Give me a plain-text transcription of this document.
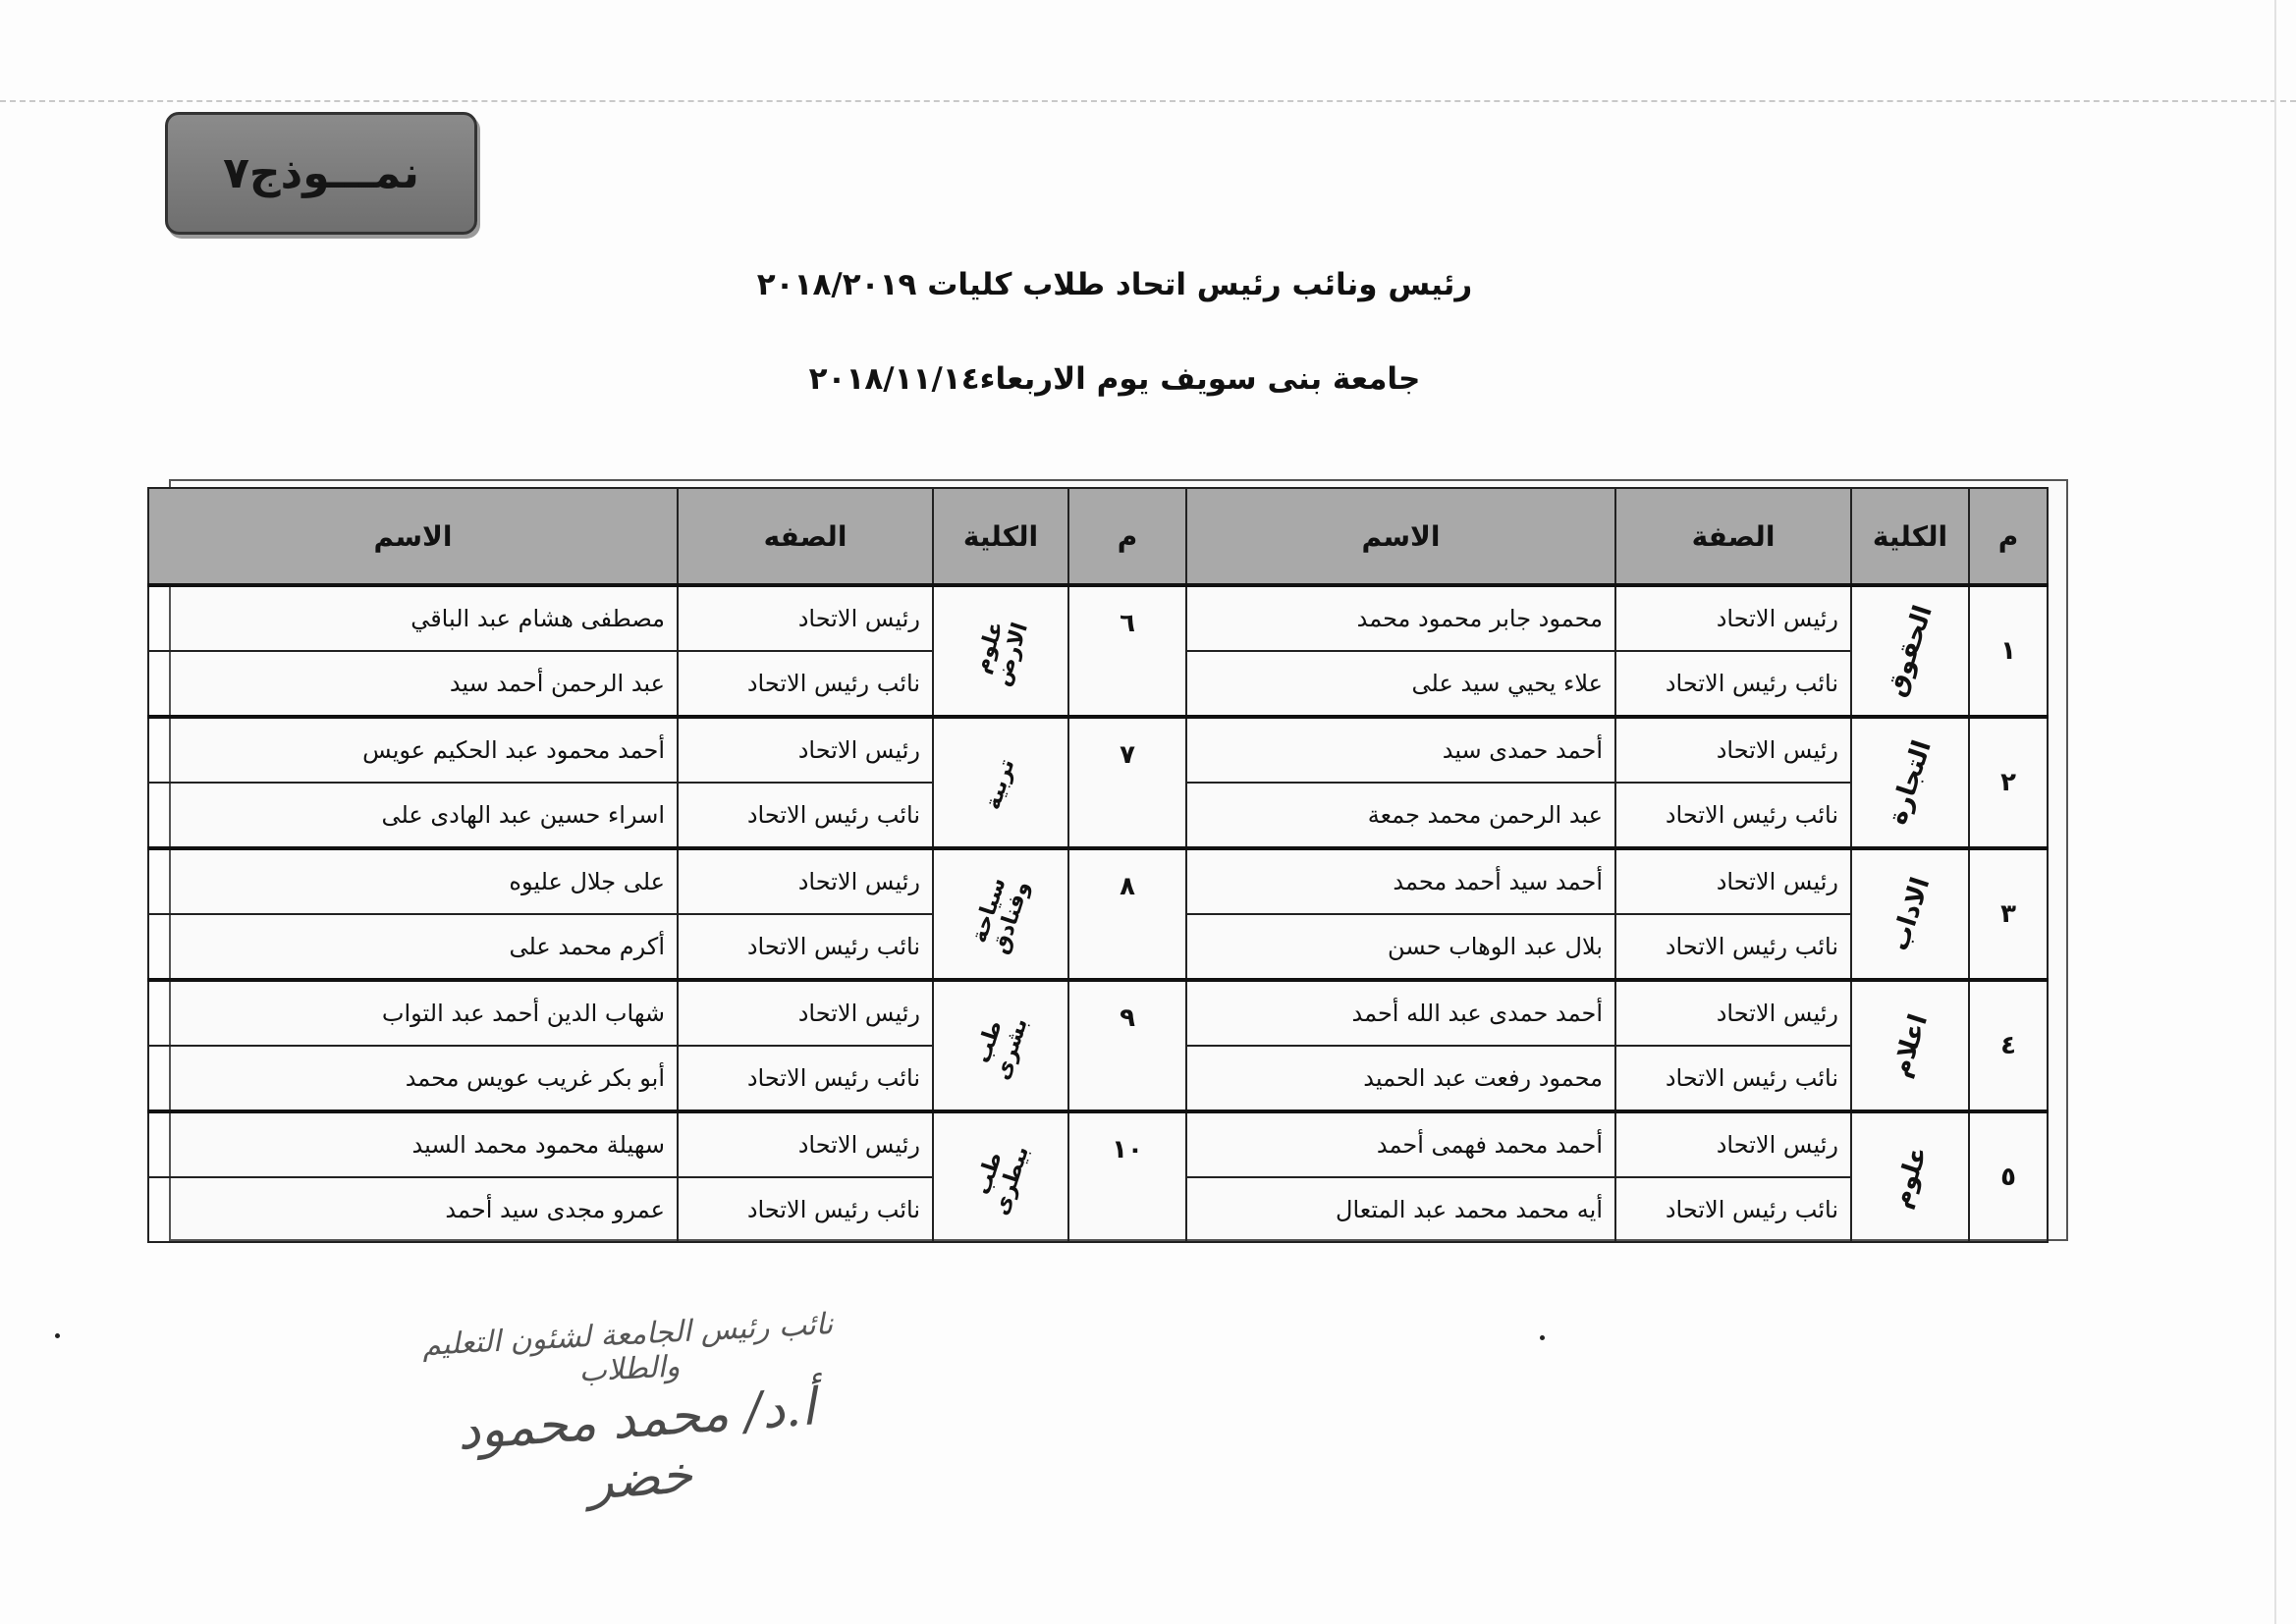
نمـــوذج٧
رئيس ونائب رئيس اتحاد طلاب كليات ٢٠١٨/٢٠١٩
جامعة بنى سويف يوم الاربعاء٢٠١٨/١١/١٤
م	الكلية	الصفة	الاسم	م	الكلية	الصفه	الاسم
١	الحقوق	رئيس الاتحاد	محمود جابر محمود محمد	٦	علوم الارض	رئيس الاتحاد	مصطفى هشام عبد الباقي
		نائب رئيس الاتحاد	علاء يحيي سيد على			نائب رئيس الاتحاد	عبد الرحمن أحمد سيد
٢	التجارة	رئيس الاتحاد	أحمد حمدى سيد	٧	تربية	رئيس الاتحاد	أحمد محمود عبد الحكيم عويس
		نائب رئيس الاتحاد	عبد الرحمن محمد جمعة			نائب رئيس الاتحاد	اسراء حسين عبد الهادى على
٣	الاداب	رئيس الاتحاد	أحمد سيد أحمد محمد	٨	سياحة وفنادق	رئيس الاتحاد	على جلال عليوه
		نائب رئيس الاتحاد	بلال عبد الوهاب حسن			نائب رئيس الاتحاد	أكرم محمد على
٤	اعلام	رئيس الاتحاد	أحمد حمدى عبد الله أحمد	٩	طب بشرى	رئيس الاتحاد	شهاب الدين أحمد عبد التواب
		نائب رئيس الاتحاد	محمود رفعت عبد الحميد			نائب رئيس الاتحاد	أبو بكر غريب عويس محمد
٥	علوم	رئيس الاتحاد	أحمد محمد فهمى أحمد	١٠	طب بيطرى	رئيس الاتحاد	سهيلة محمود محمد السيد
		نائب رئيس الاتحاد	أيه محمد محمد عبد المتعال			نائب رئيس الاتحاد	عمرو مجدى سيد أحمد
نائب رئيس الجامعة لشئون التعليم والطلاب
أ.د/ محمد محمود خضر
